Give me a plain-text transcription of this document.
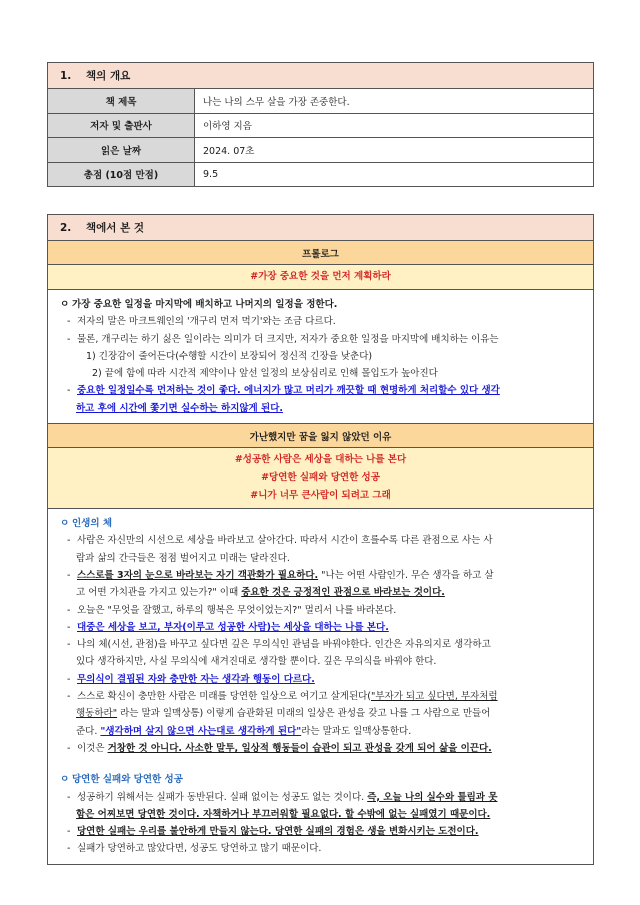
1. 책의 개요	
책 제목	나는 나의 스무 살을 가장 존중한다.
저자 및 출판사	이하영 지음
읽은 날짜	2024. 07초
총점 (10점 만점)	9.5
2. 책에서 본 것
프롤로그
#가장 중요한 것을 먼저 계획하라

ㅇ 가장 중요한 일정을 마지막에 배치하고 나머지의 일정을 정한다.
- 저자의 말은 마크트웨인의 '개구리 먼저 먹기'와는 조금 다르다.
- 물론, 개구리는 하기 싫은 일이라는 의미가 더 크지만, 저자가 중요한 일정을 마지막에 배치하는 이유는
1) 긴장감이 줄어든다(수행할 시간이 보장되어 정신적 긴장을 낮춘다)
2) 끝에 함에 따라 시간적 제약이나 앞선 일정의 보상심리로 인해 몰입도가 높아진다
- 중요한 일정일수록 먼저하는 것이 좋다. 에너지가 많고 머리가 깨끗할 때 현명하게 처리할수 있다 생각
하고 후에 시간에 쫓기면 실수하는 하지않게 된다.

가난했지만 꿈을 잃지 않았던 이유

#성공한 사람은 세상을 대하는 나를 본다
#당연한 실패와 당연한 성공
#니가 너무 큰사람이 되려고 그래

ㅇ 인생의 체
- 사람은 자신만의 시선으로 세상을 바라보고 살아간다. 따라서 시간이 흐를수록 다른 관점으로 사는 사
람과 삶의 간극들은 점점 벌어지고 미래는 달라진다.
- 스스로를 3자의 눈으로 바라보는 자기 객관화가 필요하다. "나는 어떤 사람인가. 무슨 생각을 하고 살
고 어떤 가치관을 가지고 있는가?" 이때 중요한 것은 긍정적인 관점으로 바라보는 것이다.
- 오늘은 "무엇을 잘했고, 하루의 행복은 무엇이었는지?" 멀리서 나를 바라본다.
- 대중은 세상을 보고, 부자(이루고 성공한 사람)는 세상을 대하는 나를 본다.
- 나의 체(시선, 관점)을 바꾸고 싶다면 깊은 무의식인 관념을 바꿔야한다. 인간은 자유의지로 생각하고
있다 생각하지만, 사실 무의식에 새겨진대로 생각할 뿐이다. 깊은 무의식을 바꿔야 한다.
- 무의식이 결핍된 자와 충만한 자는 생각과 행동이 다르다.
- 스스로 확신이 충만한 사람은 미래를 당연한 일상으로 여기고 살게된다("부자가 되고 싶다면, 부자처럼
행동하라" 라는 말과 일맥상통) 이렇게 습관화된 미래의 일상은 관성을 갖고 나를 그 사람으로 만들어
준다. "생각하며 살지 않으면 사는대로 생각하게 된다"라는 말과도 일맥상통한다.
- 이것은 거창한 것 아니다. 사소한 말투, 일상적 행동들이 습관이 되고 관성을 갖게 되어 삶을 이끈다.
ㅇ 당연한 실패와 당연한 성공
- 성공하기 위해서는 실패가 동반된다. 실패 없이는 성공도 없는 것이다. 즉, 오늘 나의 실수와 틀림과 못
함은 어찌보면 당연한 것이다. 자책하거나 부끄러워할 필요없다. 할 수밖에 없는 실패였기 때문이다.
- 당연한 실패는 우리를 불안하게 만들지 않는다. 당연한 실패의 경험은 생을 변화시키는 도전이다.
- 실패가 당연하고 많았다면, 성공도 당연하고 많기 때문이다.
